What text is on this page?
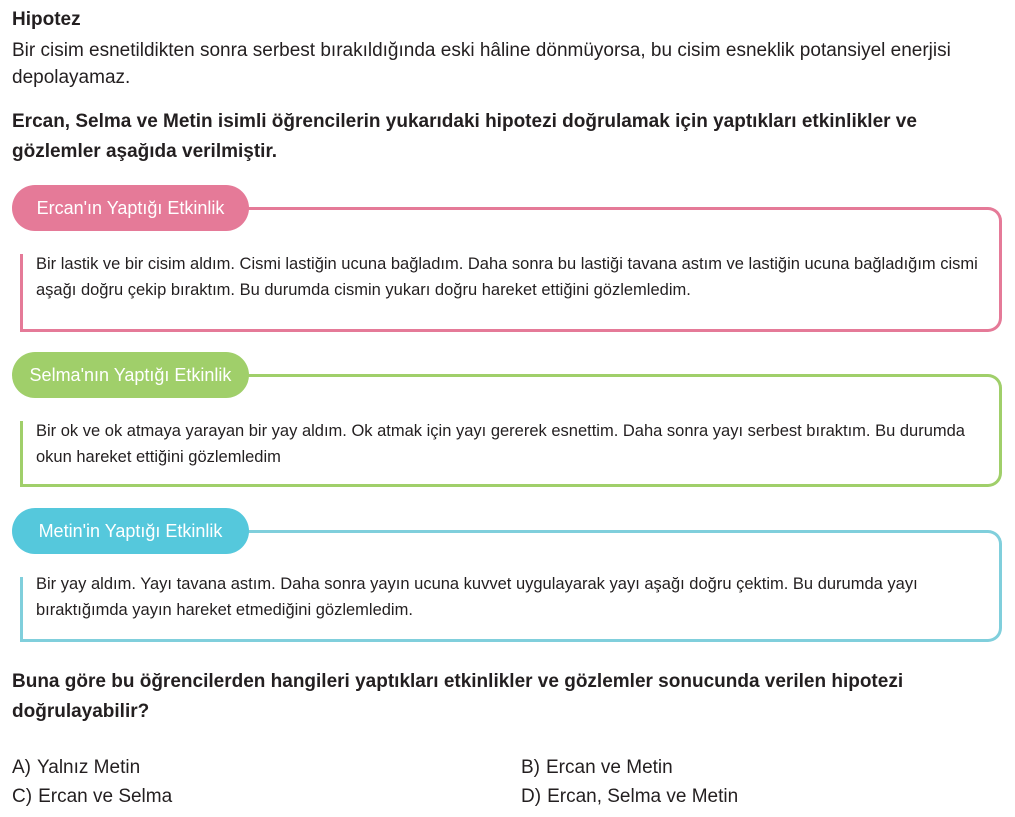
Hipotez
Bir cisim esnetildikten sonra serbest bırakıldığında eski hâline dönmüyorsa, bu cisim esneklik potansiyel enerjisi depolayamaz.
Ercan, Selma ve Metin isimli öğrencilerin yukarıdaki hipotezi doğrulamak için yaptıkları etkinlikler ve gözlemler aşağıda verilmiştir.
Ercan'ın Yaptığı Etkinlik
Bir lastik ve bir cisim aldım. Cismi lastiğin ucuna bağladım. Daha sonra bu lastiği tavana astım ve lastiğin ucuna bağladığım cismi aşağı doğru çekip bıraktım. Bu durumda cismin yukarı doğru hareket ettiğini gözlemledim.
Selma'nın Yaptığı Etkinlik
Bir ok ve ok atmaya yarayan bir yay aldım. Ok atmak için yayı gererek esnettim. Daha sonra yayı serbest bıraktım. Bu durumda okun hareket ettiğini gözlemledim
Metin'in Yaptığı Etkinlik
Bir yay aldım. Yayı tavana astım. Daha sonra yayın ucuna kuvvet uygulayarak yayı aşağı doğru çektim. Bu durumda yayı bıraktığımda yayın hareket etmediğini gözlemledim.
Buna göre bu öğrencilerden hangileri yaptıkları etkinlikler ve gözlemler sonucunda verilen hipotezi doğrulayabilir?
A) Yalnız Metin	B) Ercan ve Metin
C) Ercan ve Selma	D) Ercan, Selma ve Metin
